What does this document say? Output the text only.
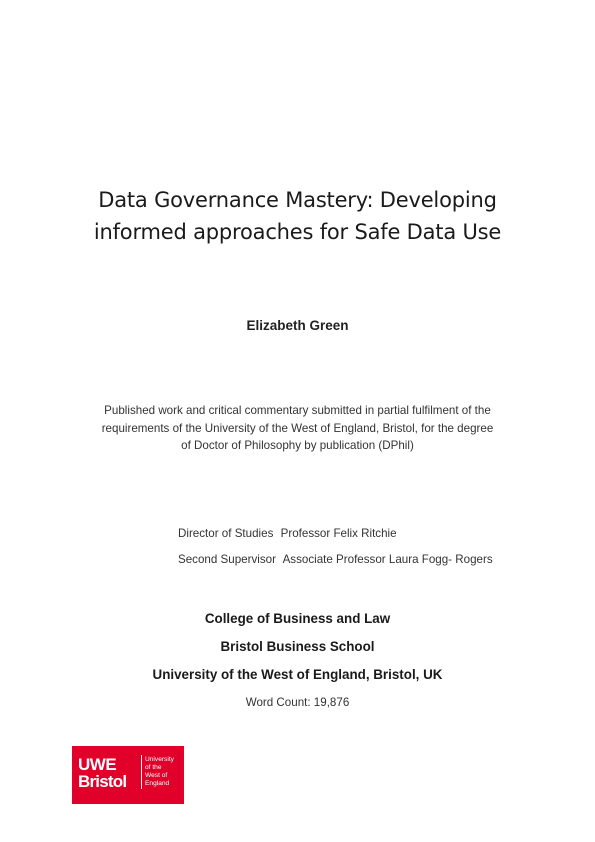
Data Governance Mastery: Developing
informed approaches for Safe Data Use
Elizabeth Green
Published work and critical commentary submitted in partial fulfilment of the
requirements of the University of the West of England, Bristol, for the degree
of Doctor of Philosophy by publication (DPhil)
Director of Studies Professor Felix Ritchie
Second Supervisor Associate Professor Laura Fogg- Rogers
College of Business and Law
Bristol Business School
University of the West of England, Bristol, UK
Word Count: 19,876
UWE
Bristol
University
of the
West of
England
